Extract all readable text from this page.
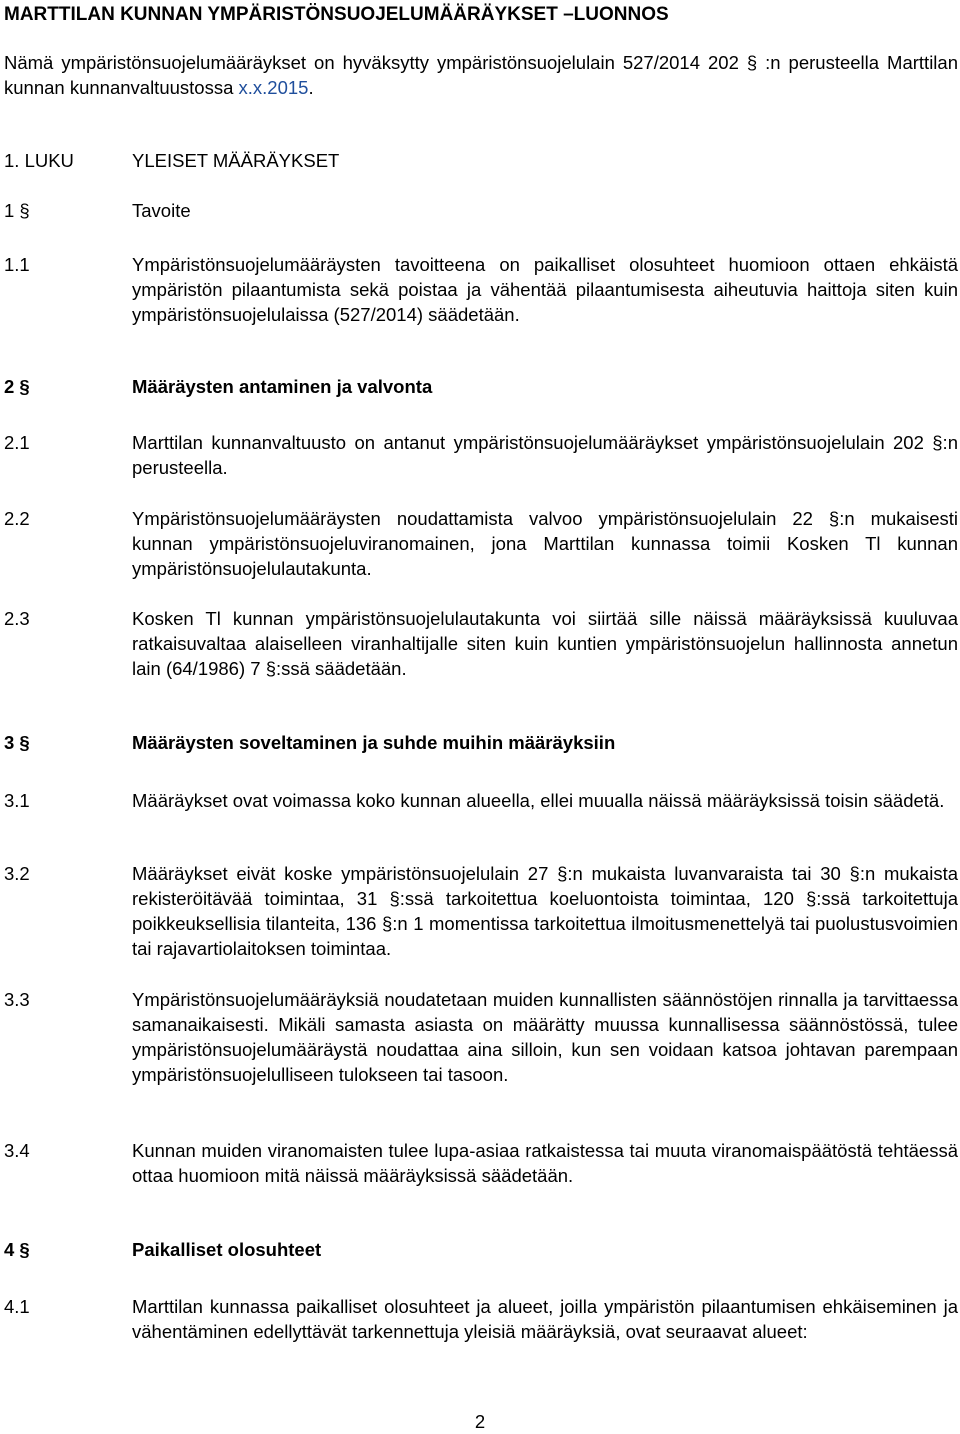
MARTTILAN KUNNAN YMPÄRISTÖNSUOJELUMÄÄRÄYKSET –LUONNOS
Nämä ympäristönsuojelumääräykset on hyväksytty ympäristönsuojelulain 527/2014 202 § :n perusteella Marttilan kunnan kunnanvaltuustossa x.x.2015.
1. LUKU	YLEISET MÄÄRÄYKSET
1 §	Tavoite
1.1	Ympäristönsuojelumääräysten tavoitteena on paikalliset olosuhteet huomioon ottaen ehkäistä ympäristön pilaantumista sekä poistaa ja vähentää pilaantumisesta aiheutuvia haittoja siten kuin ympäristönsuojelulaissa (527/2014) säädetään.
2 §	Määräysten antaminen ja valvonta
2.1	Marttilan kunnanvaltuusto on antanut ympäristönsuojelumääräykset ympäristönsuojelulain 202 §:n perusteella.
2.2	Ympäristönsuojelumääräysten noudattamista valvoo ympäristönsuojelulain 22 §:n mukaisesti kunnan ympäristönsuojeluviranomainen, jona Marttilan kunnassa toimii Kosken Tl kunnan ympäristönsuojelulautakunta.
2.3	Kosken Tl kunnan ympäristönsuojelulautakunta voi siirtää sille näissä määräyksissä kuuluvaa ratkaisuvaltaa alaiselleen viranhaltijalle siten kuin kuntien ympäristönsuojelun hallinnosta annetun lain (64/1986) 7 §:ssä säädetään.
3 §	Määräysten soveltaminen ja suhde muihin määräyksiin
3.1	Määräykset ovat voimassa koko kunnan alueella, ellei muualla näissä määräyksissä toisin säädetä.
3.2	Määräykset eivät koske ympäristönsuojelulain 27 §:n mukaista luvanvaraista tai 30 §:n mukaista rekisteröitävää toimintaa, 31 §:ssä tarkoitettua koeluontoista toimintaa, 120 §:ssä tarkoitettuja poikkeuksellisia tilanteita, 136 §:n 1 momentissa tarkoitettua ilmoitusmenettelyä tai puolustusvoimien tai rajavartiolaitoksen toimintaa.
3.3	Ympäristönsuojelumääräyksiä noudatetaan muiden kunnallisten säännöstöjen rinnalla ja tarvittaessa samanaikaisesti. Mikäli samasta asiasta on määrätty muussa kunnallisessa säännöstössä, tulee ympäristönsuojelumääräystä noudattaa aina silloin, kun sen voidaan katsoa johtavan parempaan ympäristönsuojelulliseen tulokseen tai tasoon.
3.4	Kunnan muiden viranomaisten tulee lupa-asiaa ratkaistessa tai muuta viranomaispäätöstä tehtäessä ottaa huomioon mitä näissä määräyksissä säädetään.
4 §	Paikalliset olosuhteet
4.1	Marttilan kunnassa paikalliset olosuhteet ja alueet, joilla ympäristön pilaantumisen ehkäiseminen ja vähentäminen edellyttävät tarkennettuja yleisiä määräyksiä, ovat seuraavat alueet:
2
